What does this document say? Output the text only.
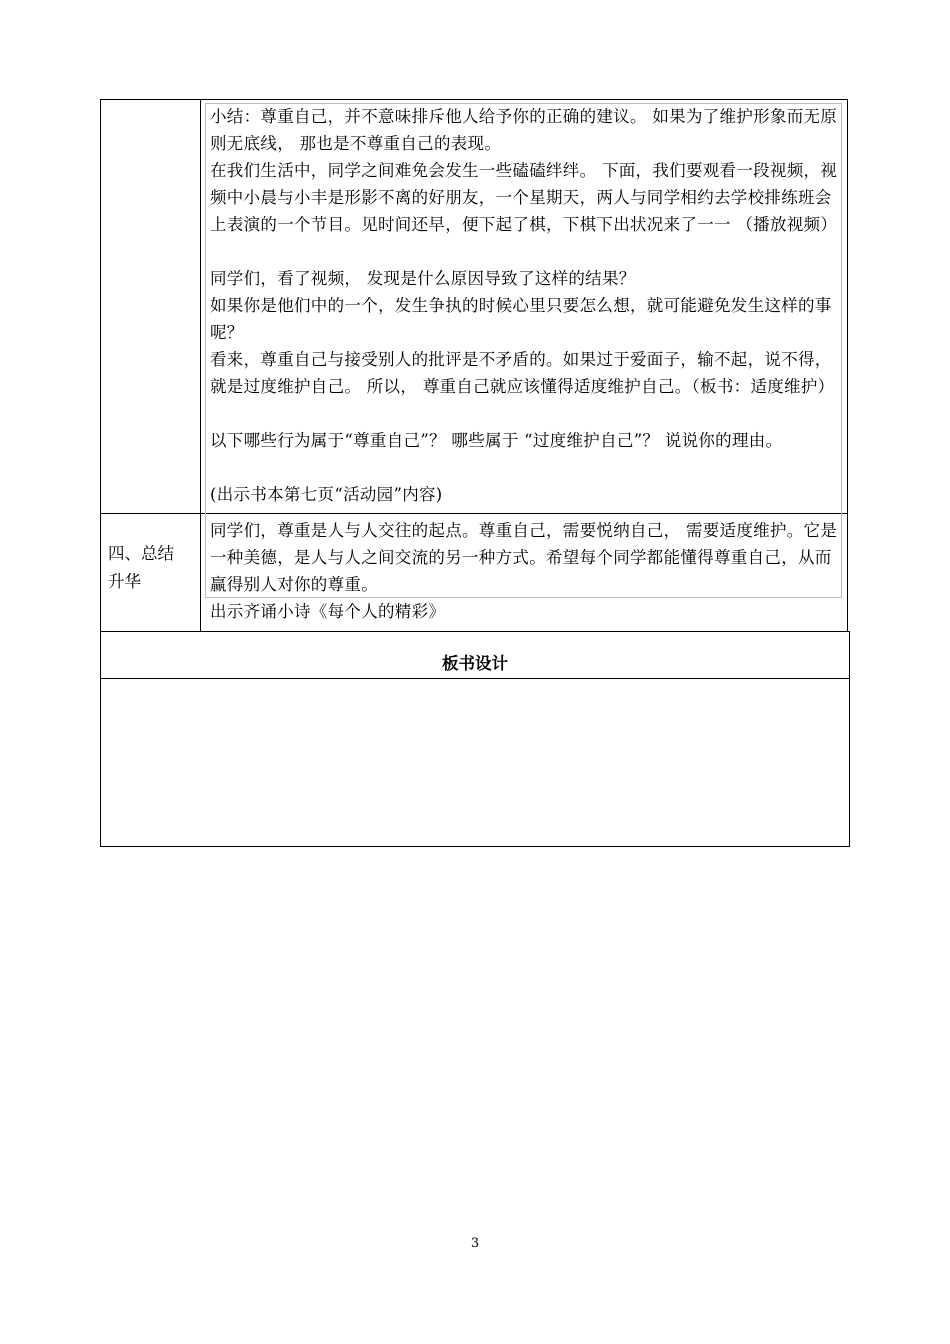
小结：尊重自己，并不意味排斥他人给予你的正确的建议。 如果为了维护形象而无原则无底线， 那也是不尊重自己的表现。
在我们生活中，同学之间难免会发生一些磕磕绊绊。 下面，我们要观看一段视频，视频中小晨与小丰是形影不离的好朋友，一个星期天，两人与同学相约去学校排练班会上表演的一个节目。见时间还早，便下起了棋，下棋下出状况来了一一 （播放视频）
同学们，看了视频， 发现是什么原因导致了这样的结果？
如果你是他们中的一个，发生争执的时候心里只要怎么想，就可能避免发生这样的事呢？
看来，尊重自己与接受别人的批评是不矛盾的。如果过于爱面子，输不起，说不得，就是过度维护自己。 所以， 尊重自己就应该懂得适度维护自己。（板书：适度维护）
以下哪些行为属于“尊重自己”？ 哪些属于 “过度维护自己”？ 说说你的理由。
(出示书本第七页“活动园”内容)
四、总结
升华
同学们，尊重是人与人交往的起点。尊重自己，需要悦纳自己， 需要适度维护。它是一种美德，是人与人之间交流的另一种方式。希望每个同学都能懂得尊重自己，从而赢得别人对你的尊重。
出示齐诵小诗《每个人的精彩》
板书设计
3
